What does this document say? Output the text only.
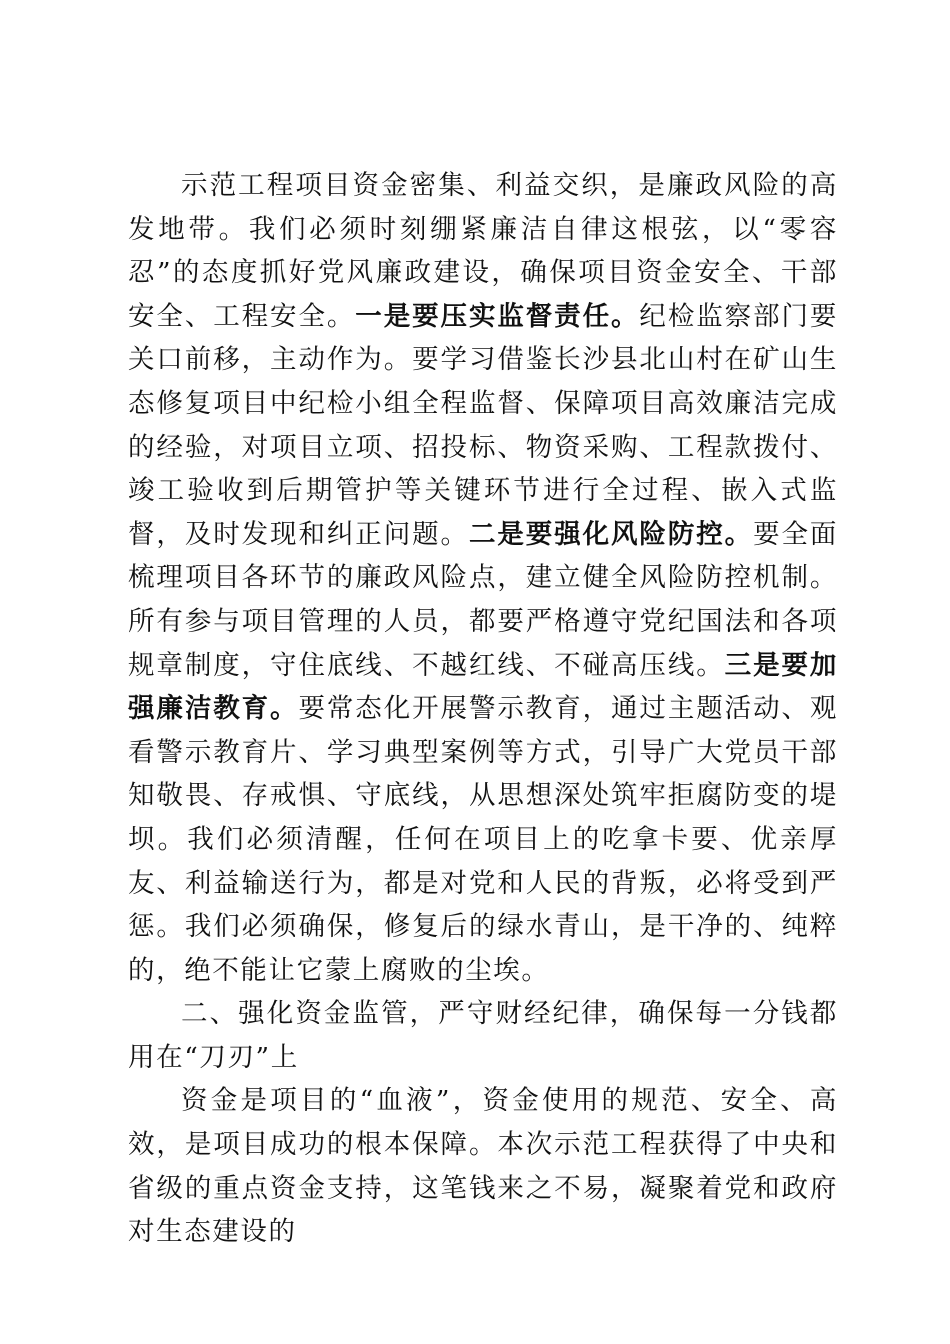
示范工程项目资金密集、利益交织，是廉政风险的高发地带。我们必须时刻绷紧廉洁自律这根弦，以“零容忍”的态度抓好党风廉政建设，确保项目资金安全、干部安全、工程安全。一是要压实监督责任。纪检监察部门要关口前移，主动作为。要学习借鉴长沙县北山村在矿山生态修复项目中纪检小组全程监督、保障项目高效廉洁完成的经验，对项目立项、招投标、物资采购、工程款拨付、竣工验收到后期管护等关键环节进行全过程、嵌入式监督，及时发现和纠正问题。二是要强化风险防控。要全面梳理项目各环节的廉政风险点，建立健全风险防控机制。所有参与项目管理的人员，都要严格遵守党纪国法和各项规章制度，守住底线、不越红线、不碰高压线。三是要加强廉洁教育。要常态化开展警示教育，通过主题活动、观看警示教育片、学习典型案例等方式，引导广大党员干部知敬畏、存戒惧、守底线，从思想深处筑牢拒腐防变的堤坝。我们必须清醒，任何在项目上的吃拿卡要、优亲厚友、利益输送行为，都是对党和人民的背叛，必将受到严惩。我们必须确保，修复后的绿水青山，是干净的、纯粹的，绝不能让它蒙上腐败的尘埃。

二、强化资金监管，严守财经纪律，确保每一分钱都用在“刀刃”上

资金是项目的“血液”，资金使用的规范、安全、高效，是项目成功的根本保障。本次示范工程获得了中央和省级的重点资金支持，这笔钱来之不易，凝聚着党和政府对生态建设的
